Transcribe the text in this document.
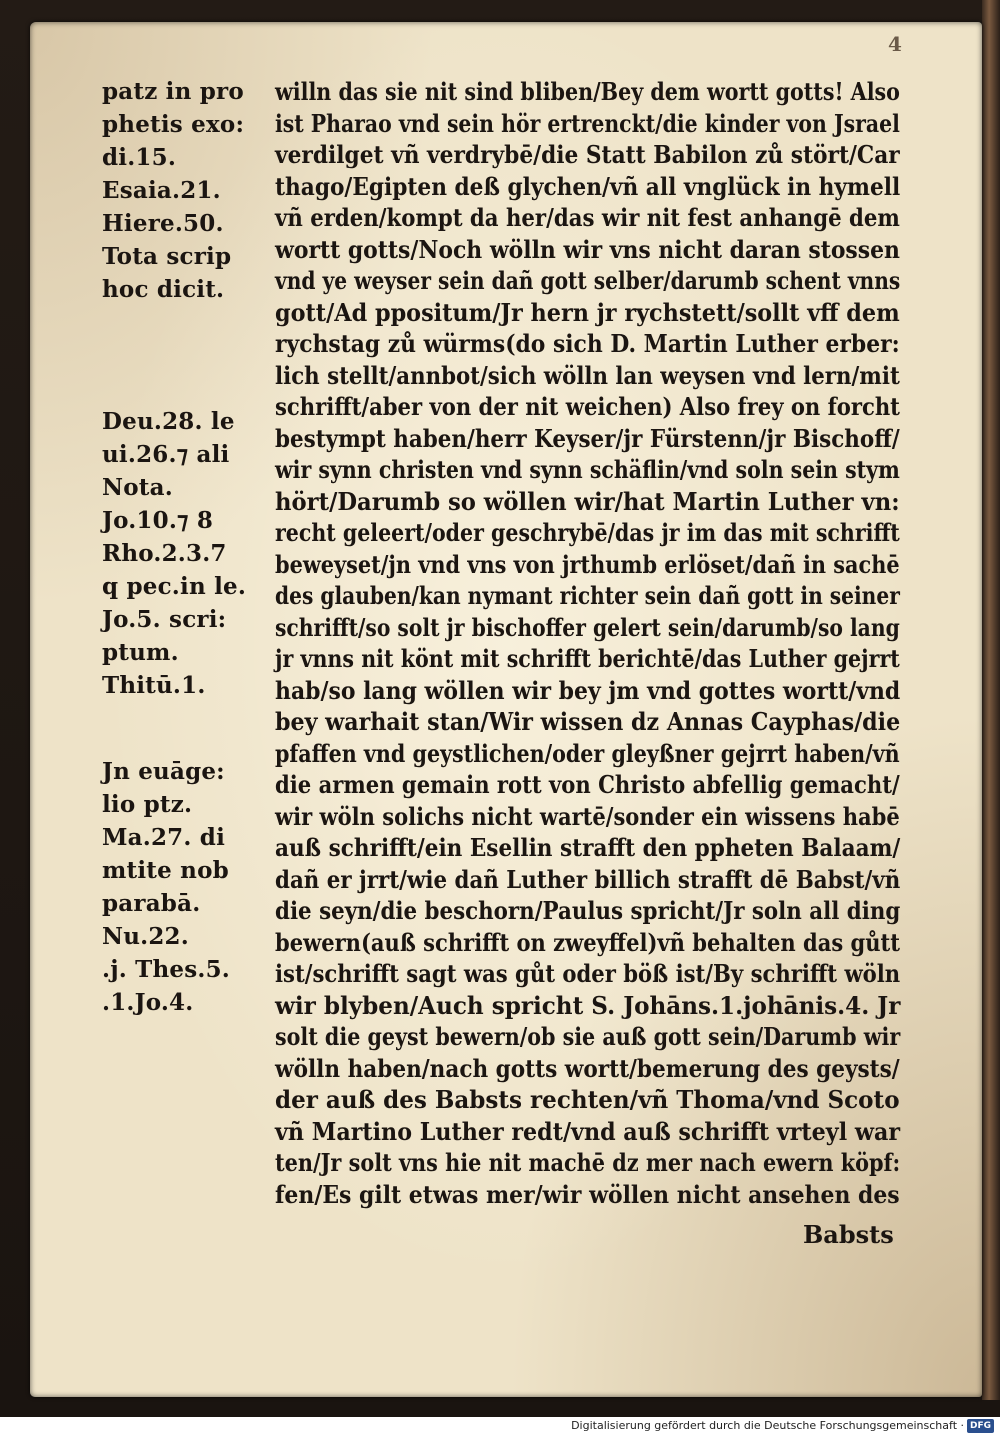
4
patz in pro
phetis exo:
di.15.
Esaia.21.
Hiere.50.
Tota scrip
hoc dicit.
Deu.28. le
ui.26.⁊ ali
Nota.
Jo.10.⁊ 8
Rho.2.3.7
q pec.in le.
Jo.5. scri:
ptum.
Thitū.1.
Jn euāge:
lio ptz.
Ma.27. di
mtite nob
parabā.
Nu.22.
.j. Thes.5.
.1.Jo.4.
willn das sie nit sind bliben/Bey dem wortt gotts! Also
ist Pharao vnd sein hör ertrenckt/die kinder von Jsrael
verdilget vñ verdrybē/die Statt Babilon zů stört/Car
thago/Egipten deß glychen/vñ all vnglück in hymell
vñ erden/kompt da her/das wir nit fest anhangē dem
wortt gotts/Noch wölln wir vns nicht daran stossen
vnd ye weyser sein dañ gott selber/darumb schent vnns
gott/Ad ppositum/Jr hern jr rychstett/sollt vff dem
rychstag zů würms(do sich D. Martin Luther erber:
lich stellt/annbot/sich wölln lan weysen vnd lern/mit
schrifft/aber von der nit weichen) Also frey on forcht
bestympt haben/herr Keyser/jr Fürstenn/jr Bischoff/
wir synn christen vnd synn schäflin/vnd soln sein stym
hört/Darumb so wöllen wir/hat Martin Luther vn:
recht geleert/oder geschrybē/das jr im das mit schrifft
beweyset/jn vnd vns von jrthumb erlöset/dañ in sachē
des glauben/kan nymant richter sein dañ gott in seiner
schrifft/so solt jr bischoffer gelert sein/darumb/so lang
jr vnns nit könt mit schrifft berichtē/das Luther gejrrt
hab/so lang wöllen wir bey jm vnd gottes wortt/vnd
bey warhait stan/Wir wissen dz Annas Cayphas/die
pfaffen vnd geystlichen/oder gleyßner gejrrt haben/vñ
die armen gemain rott von Christo abfellig gemacht/
wir wöln solichs nicht wartē/sonder ein wissens habē
auß schrifft/ein Esellin strafft den ppheten Balaam/
dañ er jrrt/wie dañ Luther billich strafft dē Babst/vñ
die seyn/die beschorn/Paulus spricht/Jr soln all ding
bewern(auß schrifft on zweyffel)vñ behalten das gůtt
ist/schrifft sagt was gůt oder böß ist/By schrifft wöln
wir blyben/Auch spricht S. Johāns.1.johānis.4. Jr
solt die geyst bewern/ob sie auß gott sein/Darumb wir
wölln haben/nach gotts wortt/bemerung des geysts/
der auß des Babsts rechten/vñ Thoma/vnd Scoto
vñ Martino Luther redt/vnd auß schrifft vrteyl war
ten/Jr solt vns hie nit machē dz mer nach ewern köpf:
fen/Es gilt etwas mer/wir wöllen nicht ansehen des
Babsts
Digitalisierung gefördert durch die Deutsche Forschungsgemeinschaft · DFG
